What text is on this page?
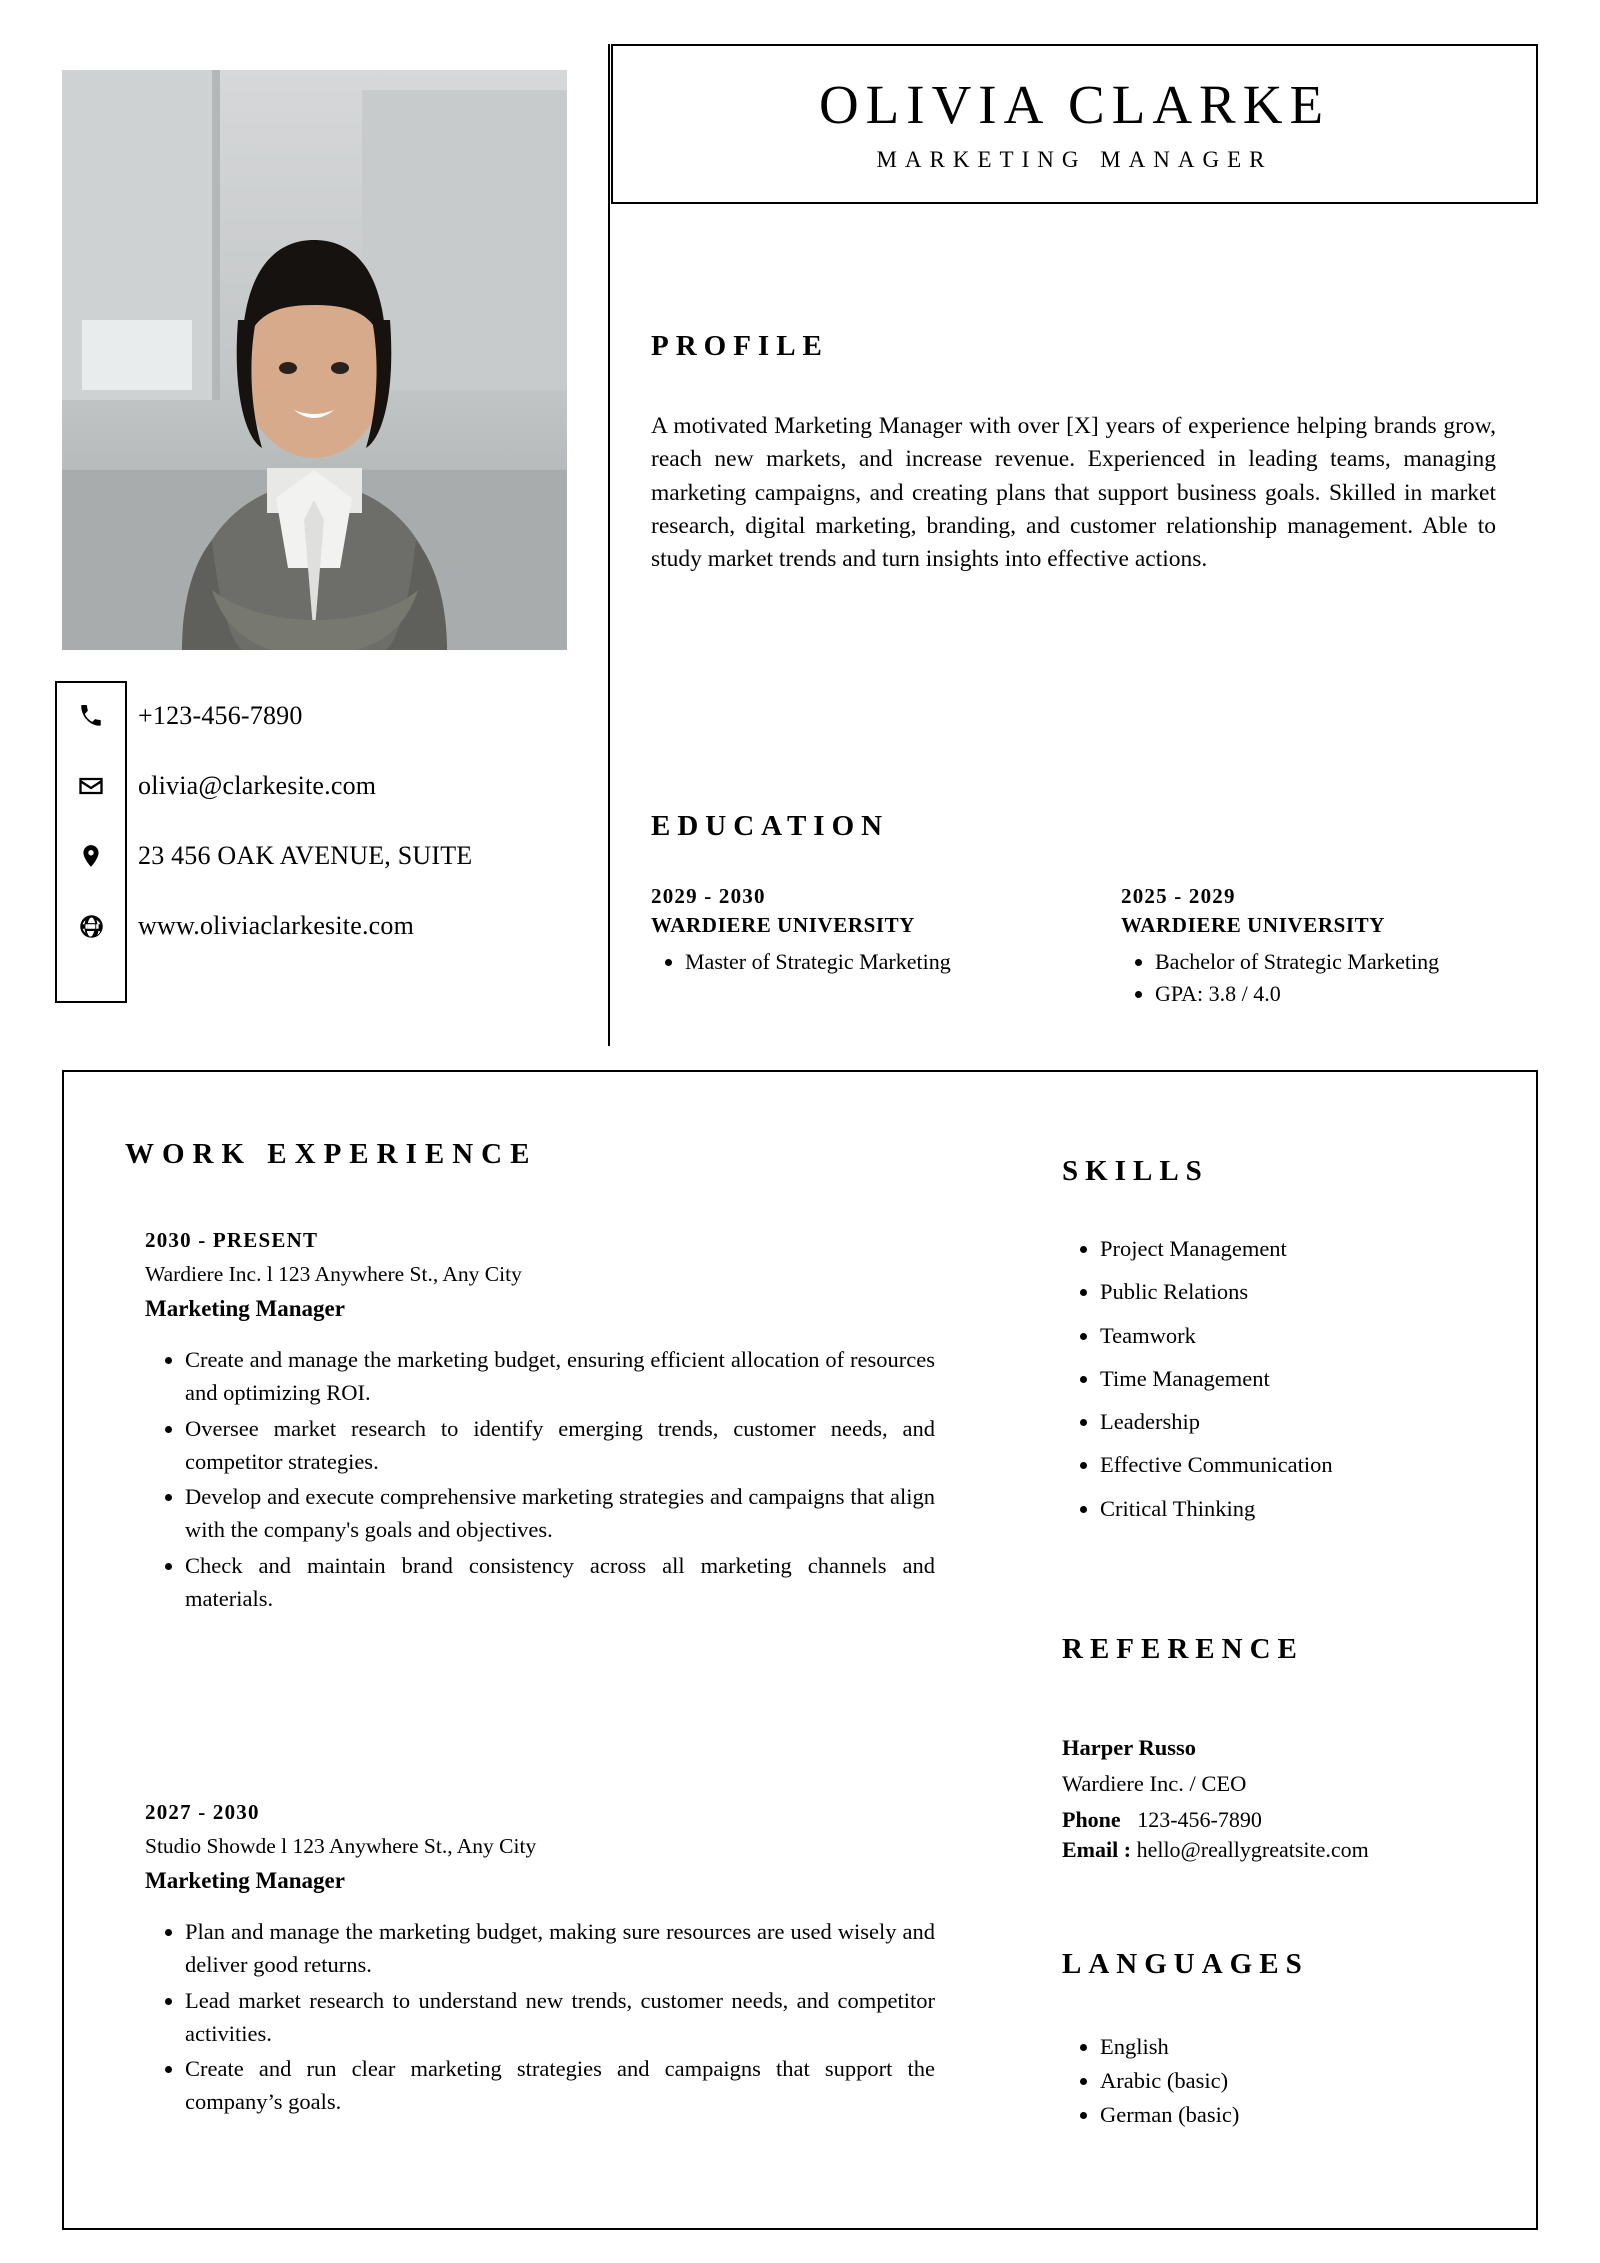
+123-456-7890
olivia@clarkesite.com
23 456 OAK AVENUE, SUITE
www.oliviaclarkesite.com
OLIVIA CLARKE
MARKETING MANAGER
PROFILE
A motivated Marketing Manager with over [X] years of experience helping brands grow, reach new markets, and increase revenue. Experienced in leading teams, managing marketing campaigns, and creating plans that support business goals. Skilled in market research, digital marketing, branding, and customer relationship management. Able to study market trends and turn insights into effective actions.
EDUCATION
2029 - 2030
WARDIERE UNIVERSITY
• Master of Strategic Marketing
2025 - 2029
WARDIERE UNIVERSITY
• Bachelor of Strategic Marketing
• GPA: 3.8 / 4.0
WORK EXPERIENCE
2030 - PRESENT
Wardiere Inc. l 123 Anywhere St., Any City
Marketing Manager
• Create and manage the marketing budget, ensuring efficient allocation of resources and optimizing ROI.
• Oversee market research to identify emerging trends, customer needs, and competitor strategies.
• Develop and execute comprehensive marketing strategies and campaigns that align with the company's goals and objectives.
• Check and maintain brand consistency across all marketing channels and materials.
2027 - 2030
Studio Showde l 123 Anywhere St., Any City
Marketing Manager
• Plan and manage the marketing budget, making sure resources are used wisely and deliver good returns.
• Lead market research to understand new trends, customer needs, and competitor activities.
• Create and run clear marketing strategies and campaigns that support the company’s goals.
SKILLS
• Project Management
• Public Relations
• Teamwork
• Time Management
• Leadership
• Effective Communication
• Critical Thinking
REFERENCE
Harper Russo
Wardiere Inc. / CEO
Phone 123-456-7890
Email : hello@reallygreatsite.com
LANGUAGES
• English
• Arabic (basic)
• German (basic)
